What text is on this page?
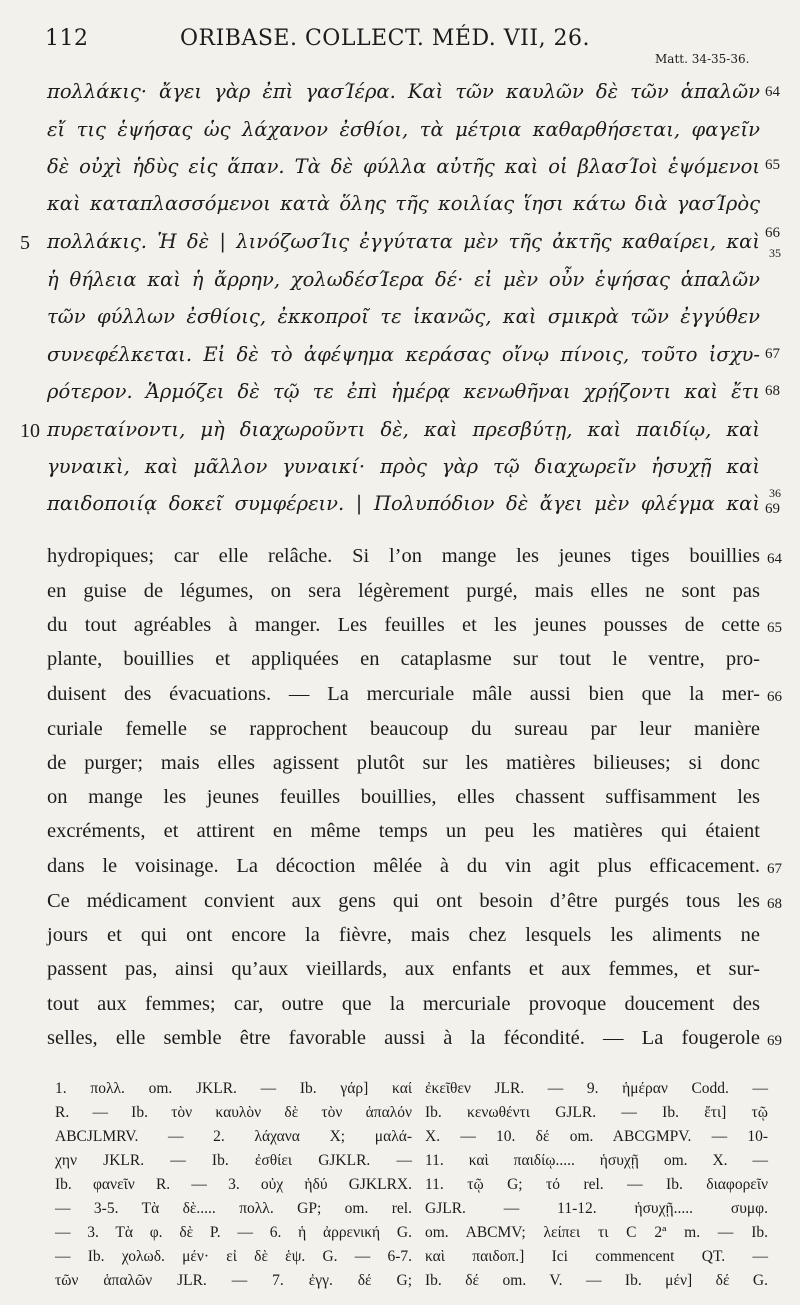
112	ORIBASE. COLLECT. MÉD. VII, 26.
Matt. 34-35-36.
πολλάκις· ἄγει γὰρ ἐπὶ γασΊέρα. Καὶ τῶν καυλῶν δὲ τῶν ἁπαλῶν
εἴ τις ἑψήσας ὡς λάχανον ἐσθίοι, τὰ μέτρια καθαρθήσεται, φαγεῖν
δὲ οὐχὶ ἡδὺς εἰς ἅπαν. Τὰ δὲ φύλλα αὐτῆς καὶ οἱ βλασΊοὶ ἑψόμενοι
καὶ καταπλασσόμενοι κατὰ ὅλης τῆς κοιλίας ἵησι κάτω διὰ γασΊρὸς
πολλάκις. Ἡ δὲ | λινόζωσΊις ἐγγύτατα μὲν τῆς ἀκτῆς καθαίρει, καὶ
ἡ θήλεια καὶ ἡ ἄρρην, χολωδέσΊερα δέ· εἰ μὲν οὖν ἑψήσας ἁπαλῶν
τῶν φύλλων ἐσθίοις, ἐκκοπροῖ τε ἱκανῶς, καὶ σμικρὰ τῶν ἐγγύθεν
συνεφέλκεται. Εἰ δὲ τὸ ἀφέψημα κεράσας οἴνῳ πίνοις, τοῦτο ἰσχυ-
ρότερον. Ἁρμόζει δὲ τῷ τε ἐπὶ ἡμέρᾳ κενωθῆναι χρῄζοντι καὶ ἔτι
πυρεταίνοντι, μὴ διαχωροῦντι δὲ, καὶ πρεσβύτῃ, καὶ παιδίῳ, καὶ
γυναικὶ, καὶ μᾶλλον γυναικί· πρὸς γὰρ τῷ διαχωρεῖν ἡσυχῇ καὶ
παιδοποιίᾳ δοκεῖ συμφέρειν. | Πολυπόδιον δὲ ἄγει μὲν φλέγμα καὶ
5
10
64
65
66
35
67
68
36
69
hydropiques; car elle relâche. Si l’on mange les jeunes tiges bouillies
en guise de légumes, on sera légèrement purgé, mais elles ne sont pas
du tout agréables à manger. Les feuilles et les jeunes pousses de cette
plante, bouillies et appliquées en cataplasme sur tout le ventre, pro-
duisent des évacuations. — La mercuriale mâle aussi bien que la mer-
curiale femelle se rapprochent beaucoup du sureau par leur manière
de purger; mais elles agissent plutôt sur les matières bilieuses; si donc
on mange les jeunes feuilles bouillies, elles chassent suffisamment les
excréments, et attirent en même temps un peu les matières qui étaient
dans le voisinage. La décoction mêlée à du vin agit plus efficacement.
Ce médicament convient aux gens qui ont besoin d’être purgés tous les
jours et qui ont encore la fièvre, mais chez lesquels les aliments ne
passent pas, ainsi qu’aux vieillards, aux enfants et aux femmes, et sur-
tout aux femmes; car, outre que la mercuriale provoque doucement des
selles, elle semble être favorable aussi à la fécondité. — La fougerole
64
65
66
67
68
69
1. πολλ. om. JKLR. — Ib. γάρ] καί
R. — Ib. τὸν καυλὸν δὲ τὸν ἁπαλόν
ABCJLMRV. — 2. λάχανα X; μαλά-
χην JKLR. — Ib. ἐσθίει GJKLR. —
Ib. φανεῖν R. — 3. οὐχ ἡδύ GJKLRX.
— 3-5. Τὰ δὲ..... πολλ. GP; om. rel.
— 3. Τὰ φ. δὲ P. — 6. ἡ ἀρρενική G.
— Ib. χολωδ. μέν· εἰ δὲ ἑψ. G. — 6-7.
τῶν ἁπαλῶν JLR. — 7. ἐγγ. δέ G;
ἐκεῖθεν JLR. — 9. ἡμέραν Codd. —
Ib. κενωθέντι GJLR. — Ib. ἔτι] τῷ
X. — 10. δέ om. ABCGMPV. — 10-
11. καὶ παιδίῳ..... ἡσυχῇ om. X. —
11. τῷ G; τό rel. — Ib. διαφορεῖν
GJLR. — 11-12. ἡσυχῇ..... συμφ.
om. ABCMV; λείπει τι C 2ª m. — Ib.
καὶ παιδοπ.] Ici commencent QT. —
Ib. δέ om. V. — Ib. μέν] δέ G.
